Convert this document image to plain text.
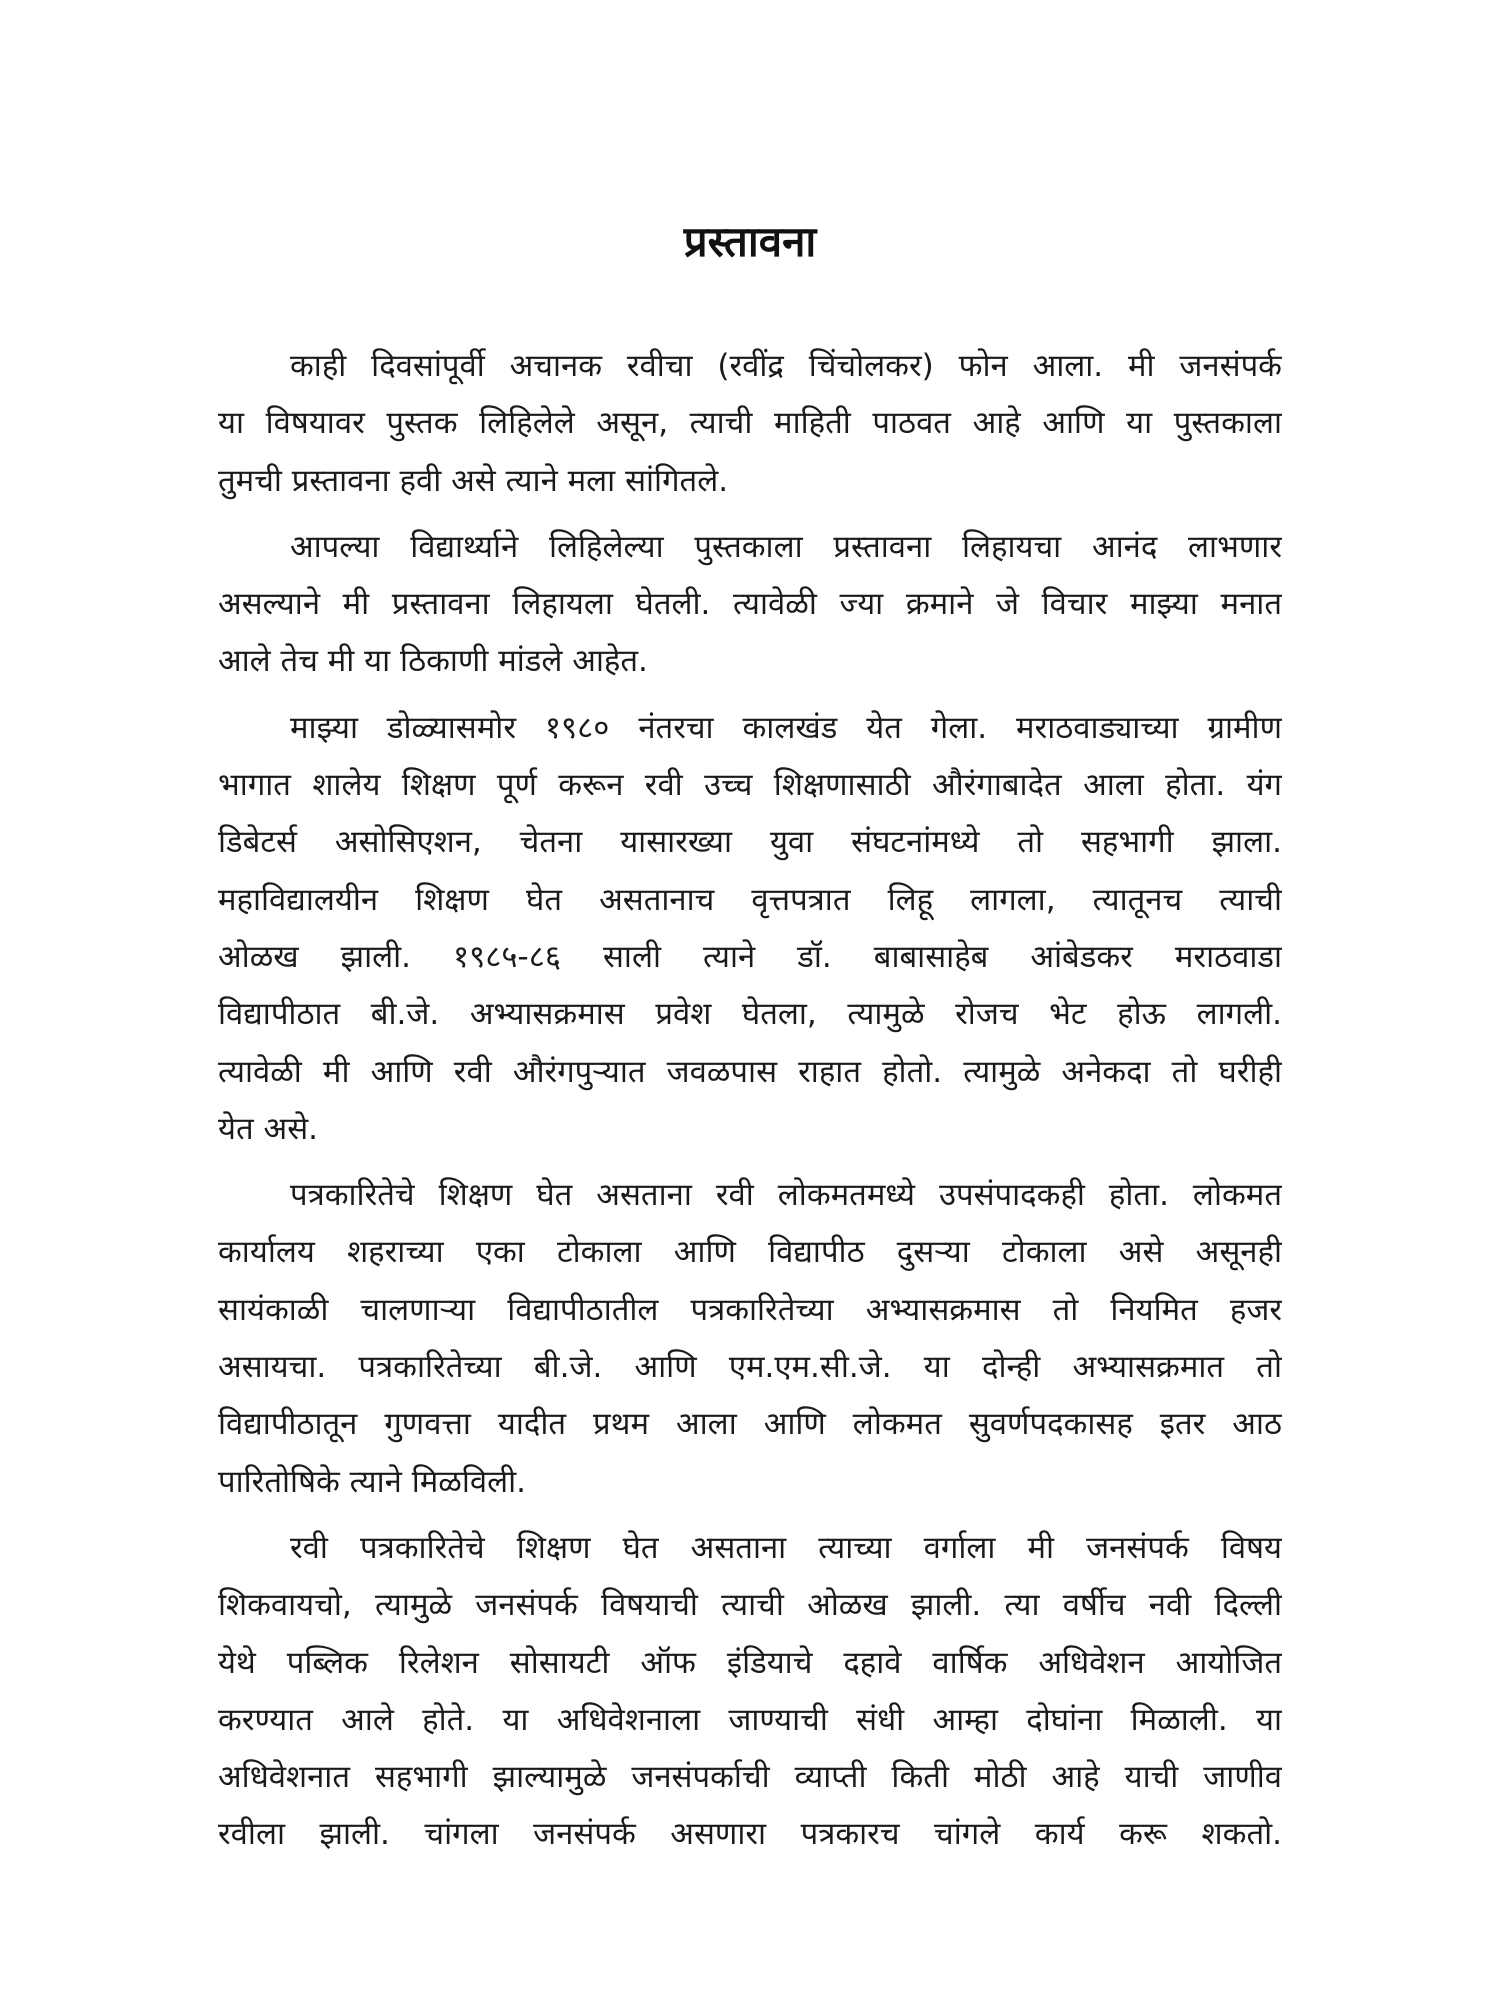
प्रस्तावना
काही दिवसांपूर्वी अचानक रवीचा (रवींद्र चिंचोलकर) फोन आला. मी जनसंपर्क
या विषयावर पुस्तक लिहिलेले असून, त्याची माहिती पाठवत आहे आणि या पुस्तकाला
तुमची प्रस्तावना हवी असे त्याने मला सांगितले.
आपल्या विद्यार्थ्याने लिहिलेल्या पुस्तकाला प्रस्तावना लिहायचा आनंद लाभणार
असल्याने मी प्रस्तावना लिहायला घेतली. त्यावेळी ज्या क्रमाने जे विचार माझ्या मनात
आले तेच मी या ठिकाणी मांडले आहेत.
माझ्या डोळ्यासमोर १९८० नंतरचा कालखंड येत गेला. मराठवाड्याच्या ग्रामीण
भागात शालेय शिक्षण पूर्ण करून रवी उच्च शिक्षणासाठी औरंगाबादेत आला होता. यंग
डिबेटर्स असोसिएशन, चेतना यासारख्या युवा संघटनांमध्ये तो सहभागी झाला.
महाविद्यालयीन शिक्षण घेत असतानाच वृत्तपत्रात लिहू लागला, त्यातूनच त्याची
ओळख झाली. १९८५-८६ साली त्याने डॉ. बाबासाहेब आंबेडकर मराठवाडा
विद्यापीठात बी.जे. अभ्यासक्रमास प्रवेश घेतला, त्यामुळे रोजच भेट होऊ लागली.
त्यावेळी मी आणि रवी औरंगपुऱ्यात जवळपास राहात होतो. त्यामुळे अनेकदा तो घरीही
येत असे.
पत्रकारितेचे शिक्षण घेत असताना रवी लोकमतमध्ये उपसंपादकही होता. लोकमत
कार्यालय शहराच्या एका टोकाला आणि विद्यापीठ दुसऱ्या टोकाला असे असूनही
सायंकाळी चालणाऱ्या विद्यापीठातील पत्रकारितेच्या अभ्यासक्रमास तो नियमित हजर
असायचा. पत्रकारितेच्या बी.जे. आणि एम.एम.सी.जे. या दोन्ही अभ्यासक्रमात तो
विद्यापीठातून गुणवत्ता यादीत प्रथम आला आणि लोकमत सुवर्णपदकासह इतर आठ
पारितोषिके त्याने मिळविली.
रवी पत्रकारितेचे शिक्षण घेत असताना त्याच्या वर्गाला मी जनसंपर्क विषय
शिकवायचो, त्यामुळे जनसंपर्क विषयाची त्याची ओळख झाली. त्या वर्षीच नवी दिल्ली
येथे पब्लिक रिलेशन सोसायटी ऑफ इंडियाचे दहावे वार्षिक अधिवेशन आयोजित
करण्यात आले होते. या अधिवेशनाला जाण्याची संधी आम्हा दोघांना मिळाली. या
अधिवेशनात सहभागी झाल्यामुळे जनसंपर्काची व्याप्ती किती मोठी आहे याची जाणीव
रवीला झाली. चांगला जनसंपर्क असणारा पत्रकारच चांगले कार्य करू शकतो.
